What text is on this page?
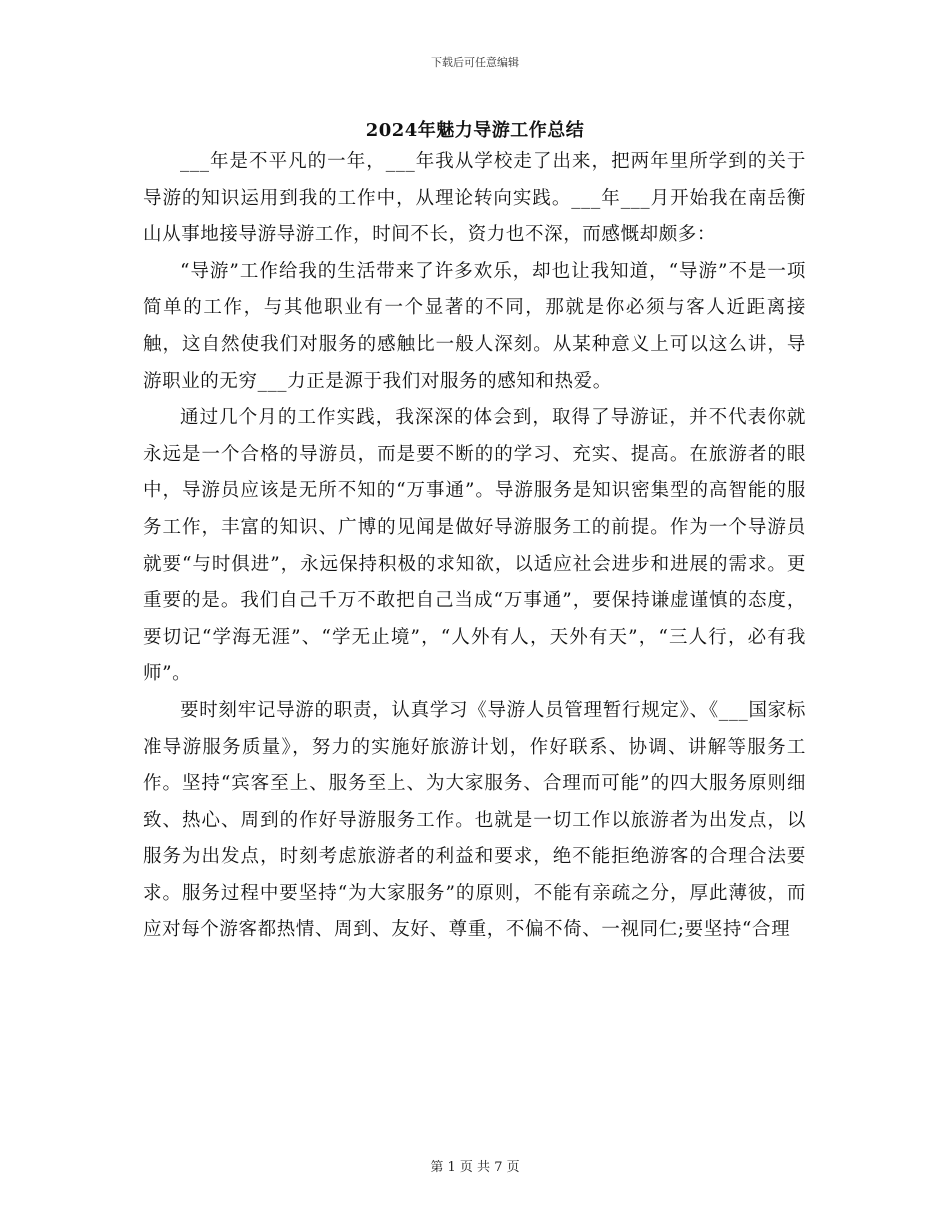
下载后可任意编辑
2024年魅力导游工作总结

___年是不平凡的一年，___年我从学校走了出来，把两年里所学到的关于导游的知识运用到我的工作中，从理论转向实践。___年___月开始我在南岳衡山从事地接导游导游工作，时间不长，资力也不深，而感慨却颇多：

“导游”工作给我的生活带来了许多欢乐，却也让我知道，“导游”不是一项简单的工作，与其他职业有一个显著的不同，那就是你必须与客人近距离接触，这自然使我们对服务的感触比一般人深刻。从某种意义上可以这么讲，导游职业的无穷___力正是源于我们对服务的感知和热爱。

通过几个月的工作实践，我深深的体会到，取得了导游证，并不代表你就永远是一个合格的导游员，而是要不断的的学习、充实、提高。在旅游者的眼中，导游员应该是无所不知的“万事通”。导游服务是知识密集型的高智能的服务工作，丰富的知识、广博的见闻是做好导游服务工的前提。作为一个导游员就要“与时俱进”，永远保持积极的求知欲，以适应社会进步和进展的需求。更重要的是。我们自己千万不敢把自己当成“万事通”，要保持谦虚谨慎的态度，要切记“学海无涯”、“学无止境”，“人外有人，天外有天”，“三人行，必有我师”。

要时刻牢记导游的职责，认真学习《导游人员管理暂行规定》、《___国家标准导游服务质量》，努力的实施好旅游计划，作好联系、协调、讲解等服务工作。坚持“宾客至上、服务至上、为大家服务、合理而可能”的四大服务原则细致、热心、周到的作好导游服务工作。也就是一切工作以旅游者为出发点，以服务为出发点，时刻考虑旅游者的利益和要求，绝不能拒绝游客的合理合法要求。服务过程中要坚持“为大家服务”的原则，不能有亲疏之分，厚此薄彼，而应对每个游客都热情、周到、友好、尊重，不偏不倚、一视同仁;要坚持“合理

第 1 页 共 7 页
